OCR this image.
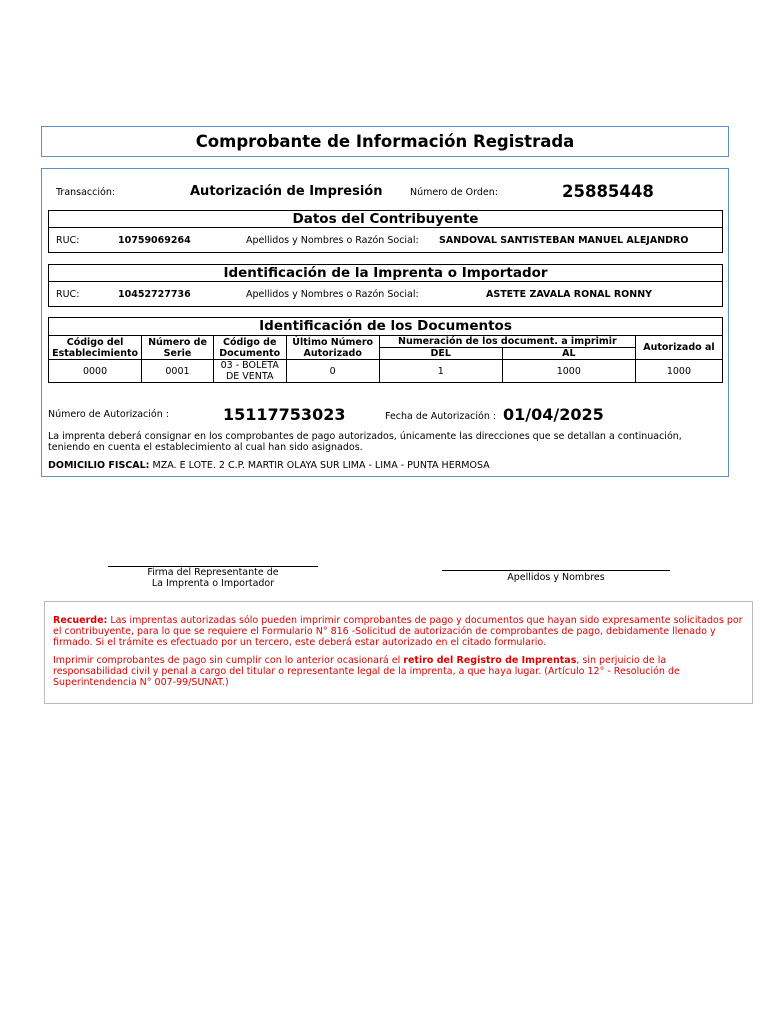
Comprobante de Información Registrada
Transacción:	Autorización de Impresión	Número de Orden:	25885448
Datos del Contribuyente
RUC:	10759069264	Apellidos y Nombres o Razón Social: SANDOVAL SANTISTEBAN MANUEL ALEJANDRO
Identificación de la Imprenta o Importador
RUC:	10452727736	Apellidos y Nombres o Razón Social:	ASTETE ZAVALA RONAL RONNY
Identificación de los Documentos
Código del Establecimiento	Número de Serie	Código de Documento	Último Número Autorizado	Numeración de los document. a imprimir		Autorizado al
				DEL	AL	
0000	0001	03 - BOLETA DE VENTA	0	1	1000	1000
Número de Autorización :	15117753023	Fecha de Autorización : 01/04/2025
La imprenta deberá consignar en los comprobantes de pago autorizados, únicamente las direcciones que se detallan a continuación, teniendo en cuenta el establecimiento al cual han sido asignados.
DOMICILIO FISCAL: MZA. E LOTE. 2 C.P. MARTIR OLAYA SUR LIMA - LIMA - PUNTA HERMOSA
Firma del Representante de
La Imprenta o Importador
Apellidos y Nombres

Recuerde: Las imprentas autorizadas sólo pueden imprimir comprobantes de pago y documentos que hayan sido expresamente solicitados por el contribuyente, para lo que se requiere el Formulario N° 816 -Solicitud de autorización de comprobantes de pago, debidamente llenado y firmado. Si el trámite es efectuado por un tercero, este deberá estar autorizado en el citado formulario.

Imprimir comprobantes de pago sin cumplir con lo anterior ocasionará el retiro del Registro de Imprentas, sin perjuicio de la responsabilidad civil y penal a cargo del titular o representante legal de la imprenta, a que haya lugar. (Artículo 12° - Resolución de Superintendencia N° 007-99/SUNAT.)
